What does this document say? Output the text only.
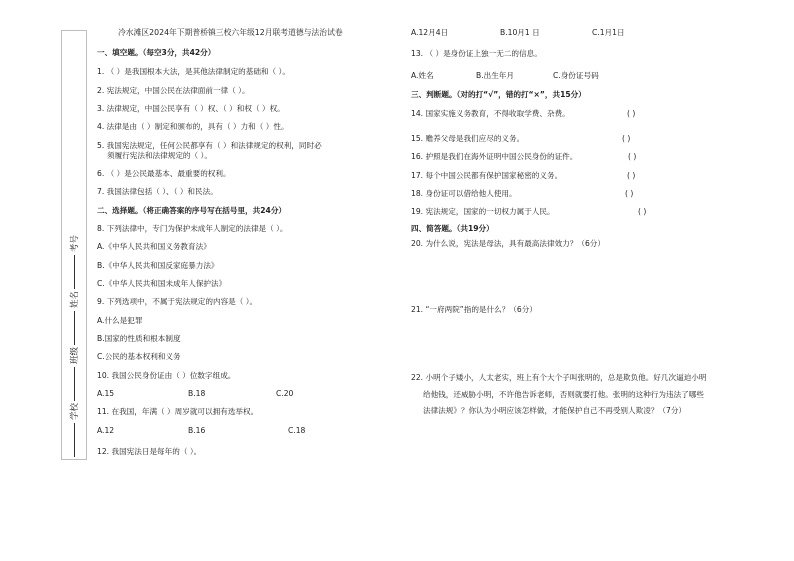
冷水滩区2024年下期普桥镇三校六年级12月联考道德与法治试卷
考号
姓名
班级
学校
一、填空题。（每空3分，共42分）
1. （ ）是我国根本大法，是其他法律制定的基础和（ ）。
2. 宪法规定，中国公民在法律面前一律（ ）。
3. 法律规定，中国公民享有（ ）权、（ ）和权（ ）权。
4. 法律是由（ ）制定和颁布的，具有（ ）力和（ ）性。
5. 我国宪法规定，任何公民都享有（ ）和法律规定的权利，同时必
须履行宪法和法律规定的（ ）。
6. （ ）是公民最基本、最重要的权利。
7. 我国法律包括（ ）、（ ）和民法。
二、选择题。（将正确答案的序号写在括号里，共24分）
8. 下列法律中，专门为保护未成年人制定的法律是（ ）。
A.《中华人民共和国义务教育法》
B.《中华人民共和国反家庭暴力法》
C.《中华人民共和国未成年人保护法》
9. 下列选项中，不属于宪法规定的内容是（ ）。
A.什么是犯罪
B.国家的性质和根本制度
C.公民的基本权利和义务
10. 我国公民身份证由（ ）位数字组成。
A.15	B.18	C.20
11. 在我国，年满（ ）周岁就可以拥有选举权。
A.12	B.16	C.18
12. 我国宪法日是每年的（ ）。
A.12月4日	B.10月1 日	C.1月1日
13. （ ）是身份证上独一无二的信息。
A.姓名	B.出生年月	C.身份证号码
三、判断题。（对的打“√”，错的打“×”，共15分）
14. 国家实施义务教育，不得收取学费、杂费。	( )
15. 赡养父母是我们应尽的义务。	( )
16. 护照是我们在海外证明中国公民身份的证件。	( )
17. 每个中国公民都有保护国家秘密的义务。	( )
18. 身份证可以借给他人使用。	( )
19. 宪法规定，国家的一切权力属于人民。	( )
四、简答题。（共19分）
20. 为什么说，宪法是母法，具有最高法律效力？（6分）
21. “一府两院”指的是什么？（6分）
22. 小明个子矮小，人太老实，班上有个大个子叫张明的，总是欺负他。好几次逼迫小明
给他钱，还威胁小明，不许他告诉老师，否则就要打他。张明的这种行为违法了哪些
法律法规》？你认为小明应该怎样做，才能保护自己不再受别人欺凌？（7分）
